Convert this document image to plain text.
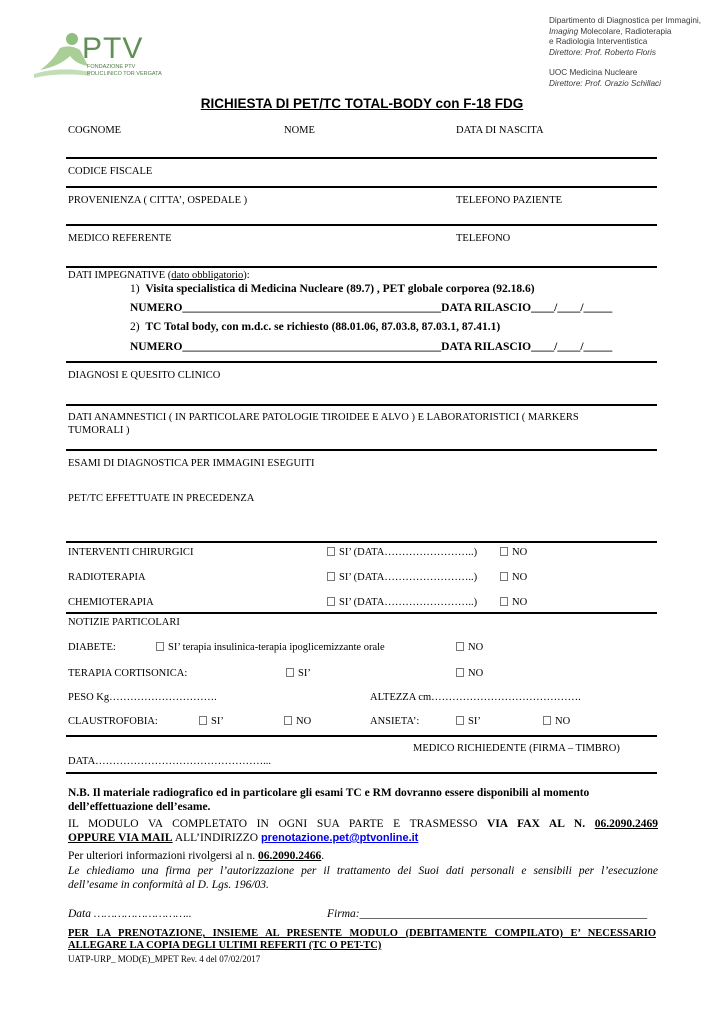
PTV
FONDAZIONE PTV
POLICLINICO TOR VERGATA
Dipartimento di Diagnostica per Immagini,
Imaging Molecolare, Radioterapia
e Radiologia Interventistica
Direttore: Prof. Roberto Floris
UOC Medicina Nucleare
Direttore: Prof. Orazio Schillaci
RICHIESTA DI PET/TC TOTAL-BODY con F-18 FDG
COGNOME	NOME	DATA DI NASCITA
CODICE FISCALE
PROVENIENZA ( CITTA’, OSPEDALE )	TELEFONO PAZIENTE
MEDICO REFERENTE	TELEFONO
DATI IMPEGNATIVE (dato obbligatorio):
1) Visita specialistica di Medicina Nucleare (89.7) , PET globale corporea (92.18.6)
NUMERO_____________________________________________DATA RILASCIO____/____/_____
2) TC Total body, con m.d.c. se richiesto (88.01.06, 87.03.8, 87.03.1, 87.41.1)
NUMERO_____________________________________________DATA RILASCIO____/____/_____
DIAGNOSI E QUESITO CLINICO
DATI ANAMNESTICI ( IN PARTICOLARE PATOLOGIE TIROIDEE E ALVO ) E LABORATORISTICI ( MARKERS
TUMORALI )
ESAMI DI DIAGNOSTICA PER IMMAGINI ESEGUITI
PET/TC EFFETTUATE IN PRECEDENZA
INTERVENTI CHIRURGICI	SI’ (DATA……………………..)	NO
RADIOTERAPIA	SI’ (DATA……………………..)	NO
CHEMIOTERAPIA	SI’ (DATA……………………..)	NO
NOTIZIE PARTICOLARI
DIABETE:	SI’ terapia insulinica-terapia ipoglicemizzante orale	NO
TERAPIA CORTISONICA:	SI’	NO
PESO Kg………………………….	ALTEZZA cm…………………………………….
CLAUSTROFOBIA:	SI’	NO	ANSIETA’:	SI’	NO
MEDICO RICHIEDENTE (FIRMA – TIMBRO)
DATA…………………………………………...
N.B. Il materiale radiografico ed in particolare gli esami TC e RM dovranno essere disponibili al momento
dell’effettuazione dell’esame.
IL MODULO VA COMPLETATO IN OGNI SUA PARTE E TRASMESSO VIA FAX AL N. 06.2090.2469
OPPURE VIA MAIL ALL’INDIRIZZO prenotazione.pet@ptvonline.it
Per ulteriori informazioni rivolgersi al n. 06.2090.2466.
Le chiediamo una firma per l’autorizzazione per il trattamento dei Suoi dati personali e sensibili per l’esecuzione
dell’esame in conformità al D. Lgs. 196/03.
Data ………………………..	Firma:__________________________________________________
PER LA PRENOTAZIONE, INSIEME AL PRESENTE MODULO (DEBITAMENTE COMPILATO) E’ NECESSARIO
ALLEGARE LA COPIA DEGLI ULTIMI REFERTI (TC O PET-TC)
UATP-URP_ MOD(E)_MPET Rev. 4 del 07/02/2017
